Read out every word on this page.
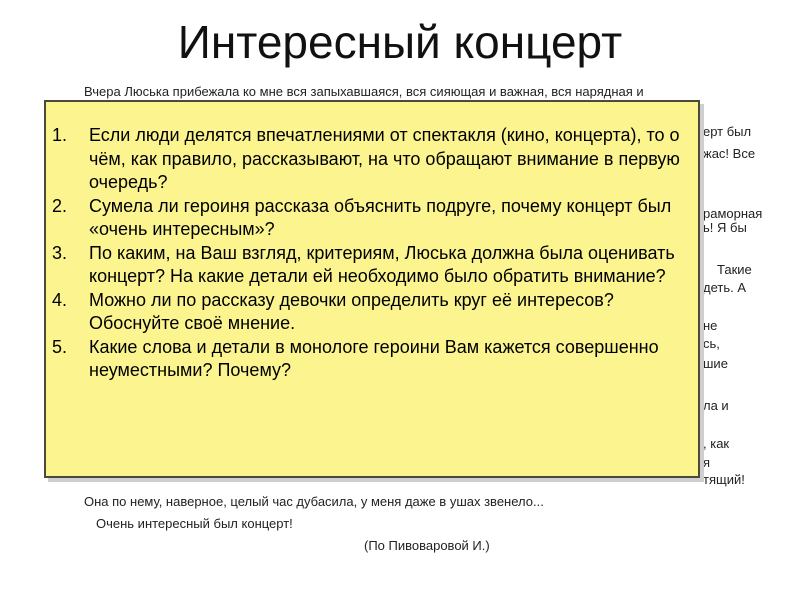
Интересный концерт
Вчера Люська прибежала ко мне вся запыхавшаяся, вся сияющая и важная, вся нарядная и
ерт был
жас! Все
раморная
ь! Я бы
Такие
деть. А
не
сь,
шие
ла и
, как
я
тящий!
Она по нему, наверное, целый час дубасила, у меня даже в ушах звенело...
Очень интересный был концерт!
(По Пивоваровой И.)
1.	Если люди делятся впечатлениями от спектакля (кино, концерта), то о чём, как правило, рассказывают, на что обращают внимание в первую очередь?
2.	Сумела ли героиня рассказа объяснить подруге, почему концерт был «очень интересным»?
3.	По каким, на Ваш взгляд, критериям, Люська должна была оценивать концерт? На какие детали ей необходимо было обратить внимание?
4.	Можно ли по рассказу девочки определить круг её интересов? Обоснуйте своё мнение.
5.	Какие слова и детали в монологе героини Вам кажется совершенно неуместными? Почему?
